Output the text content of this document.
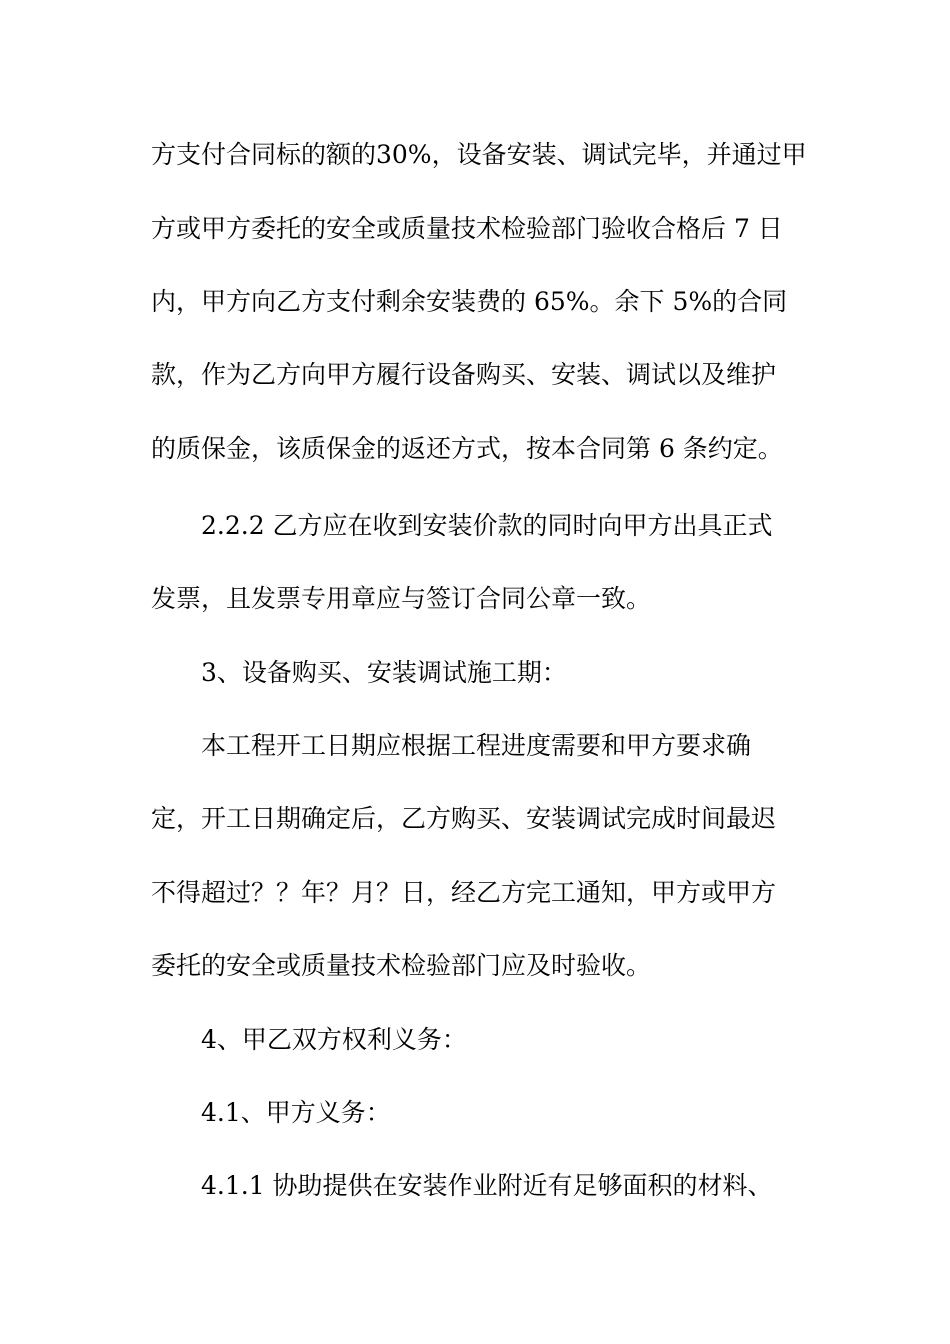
方支付合同标的额的30%，设备安装、调试完毕，并通过甲
方或甲方委托的安全或质量技术检验部门验收合格后 7 日
内，甲方向乙方支付剩余安装费的 65%。余下 5%的合同
款，作为乙方向甲方履行设备购买、安装、调试以及维护
的质保金，该质保金的返还方式，按本合同第 6 条约定。
2.2.2 乙方应在收到安装价款的同时向甲方出具正式
发票，且发票专用章应与签订合同公章一致。
3、设备购买、安装调试施工期：
本工程开工日期应根据工程进度需要和甲方要求确
定，开工日期确定后，乙方购买、安装调试完成时间最迟
不得超过？？年？月？日，经乙方完工通知，甲方或甲方
委托的安全或质量技术检验部门应及时验收。
4、甲乙双方权利义务：
4.1、甲方义务：
4.1.1 协助提供在安装作业附近有足够面积的材料、
